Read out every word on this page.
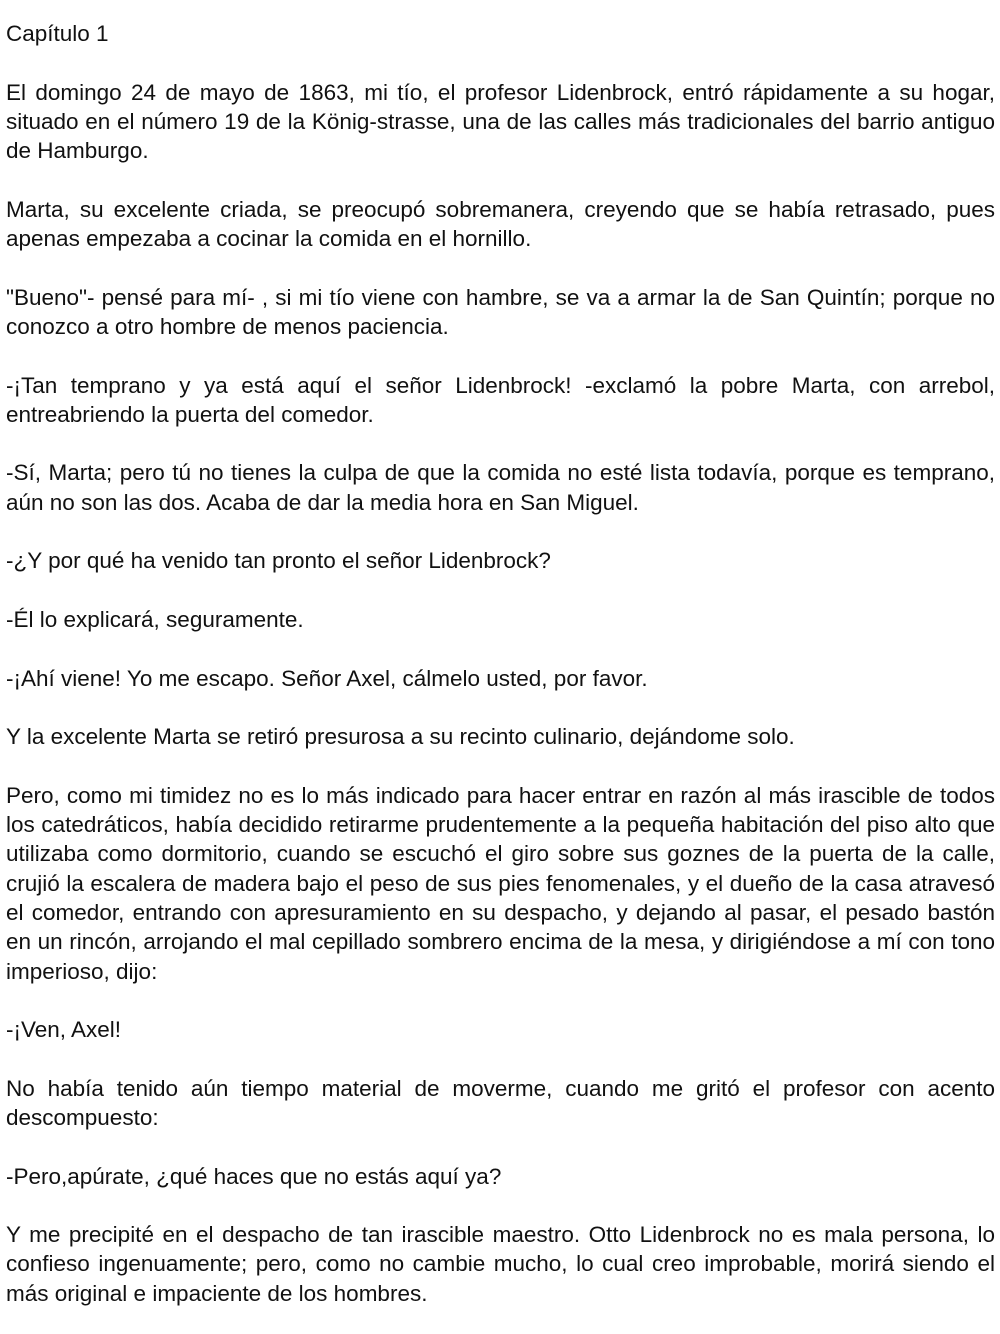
Capítulo 1

El domingo 24 de mayo de 1863, mi tío, el profesor Lidenbrock, entró rápidamente a su hogar, situado en el número 19 de la König-strasse, una de las calles más tradicionales del barrio antiguo de Hamburgo.

Marta, su excelente criada, se preocupó sobremanera, creyendo que se había retrasado, pues apenas empezaba a cocinar la comida en el hornillo.

"Bueno"- pensé para mí- , si mi tío viene con hambre, se va a armar la de San Quintín; porque no conozco a otro hombre de menos paciencia.

-¡Tan temprano y ya está aquí el señor Lidenbrock! -exclamó la pobre Marta, con arrebol, entreabriendo la puerta del comedor.

-Sí, Marta; pero tú no tienes la culpa de que la comida no esté lista todavía, porque es temprano, aún no son las dos. Acaba de dar la media hora en San Miguel.

-¿Y por qué ha venido tan pronto el señor Lidenbrock?

-Él lo explicará, seguramente.

-¡Ahí viene! Yo me escapo. Señor Axel, cálmelo usted, por favor.

Y la excelente Marta se retiró presurosa a su recinto culinario, dejándome solo.

Pero, como mi timidez no es lo más indicado para hacer entrar en razón al más irascible de todos los catedráticos, había decidido retirarme prudentemente a la pequeña habitación del piso alto que utilizaba como dormitorio, cuando se escuchó el giro sobre sus goznes de la puerta de la calle, crujió la escalera de madera bajo el peso de sus pies fenomenales, y el dueño de la casa atravesó el comedor, entrando con apresuramiento en su despacho, y dejando al pasar, el pesado bastón en un rincón, arrojando el mal cepillado sombrero encima de la mesa, y dirigiéndose a mí con tono imperioso, dijo:

-¡Ven, Axel!

No había tenido aún tiempo material de moverme, cuando me gritó el profesor con acento descompuesto:

-Pero,apúrate, ¿qué haces que no estás aquí ya?

Y me precipité en el despacho de tan irascible maestro. Otto Lidenbrock no es mala persona, lo confieso ingenuamente; pero, como no cambie mucho, lo cual creo improbable, morirá siendo el más original e impaciente de los hombres.
